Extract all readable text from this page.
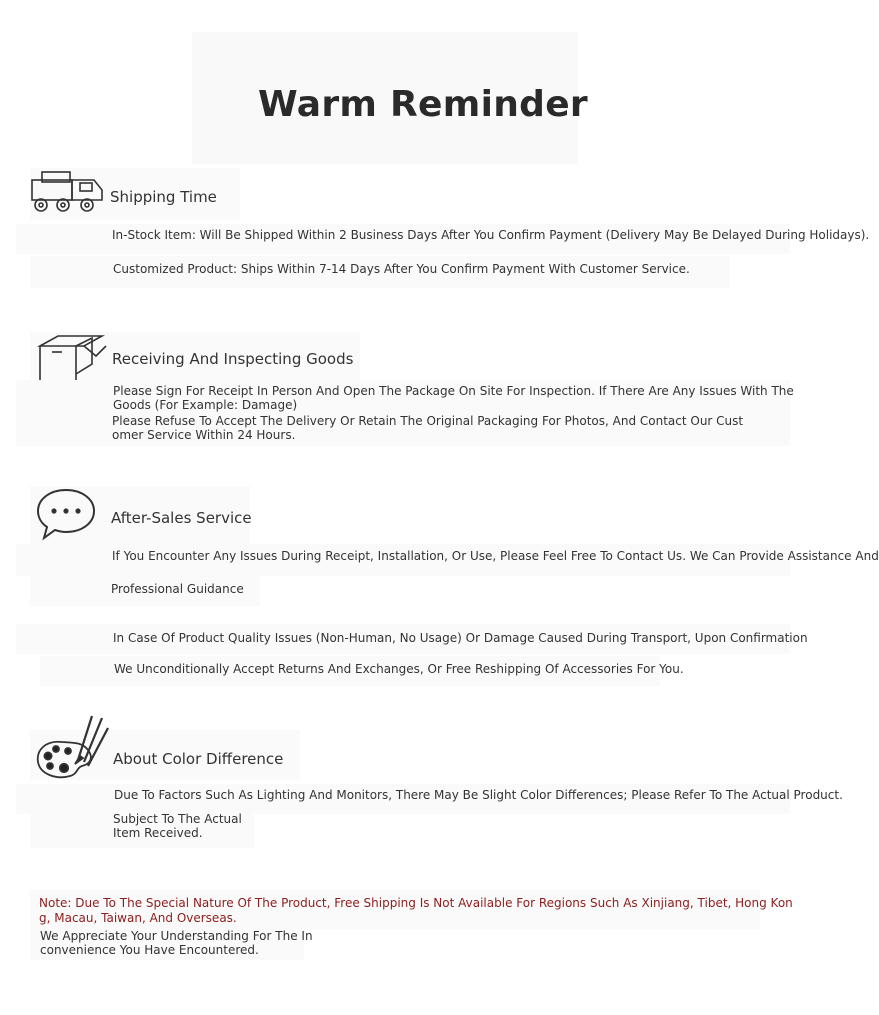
Warm Reminder
Shipping Time
In-Stock Item: Will Be Shipped Within 2 Business Days After You Confirm Payment (Delivery May Be Delayed During Holidays).
Customized Product: Ships Within 7-14 Days After You Confirm Payment With Customer Service.
Receiving And Inspecting Goods
Please Sign For Receipt In Person And Open The Package On Site For Inspection. If There Are Any Issues With The
Goods (For Example: Damage)
Please Refuse To Accept The Delivery Or Retain The Original Packaging For Photos, And Contact Our Cust
omer Service Within 24 Hours.
After-Sales Service
If You Encounter Any Issues During Receipt, Installation, Or Use, Please Feel Free To Contact Us. We Can Provide Assistance And
Professional Guidance
In Case Of Product Quality Issues (Non-Human, No Usage) Or Damage Caused During Transport, Upon Confirmation
We Unconditionally Accept Returns And Exchanges, Or Free Reshipping Of Accessories For You.
About Color Difference
Due To Factors Such As Lighting And Monitors, There May Be Slight Color Differences; Please Refer To The Actual Product.
Subject To The Actual
Item Received.
Note: Due To The Special Nature Of The Product, Free Shipping Is Not Available For Regions Such As Xinjiang, Tibet, Hong Kon
g, Macau, Taiwan, And Overseas.
We Appreciate Your Understanding For The In
convenience You Have Encountered.
